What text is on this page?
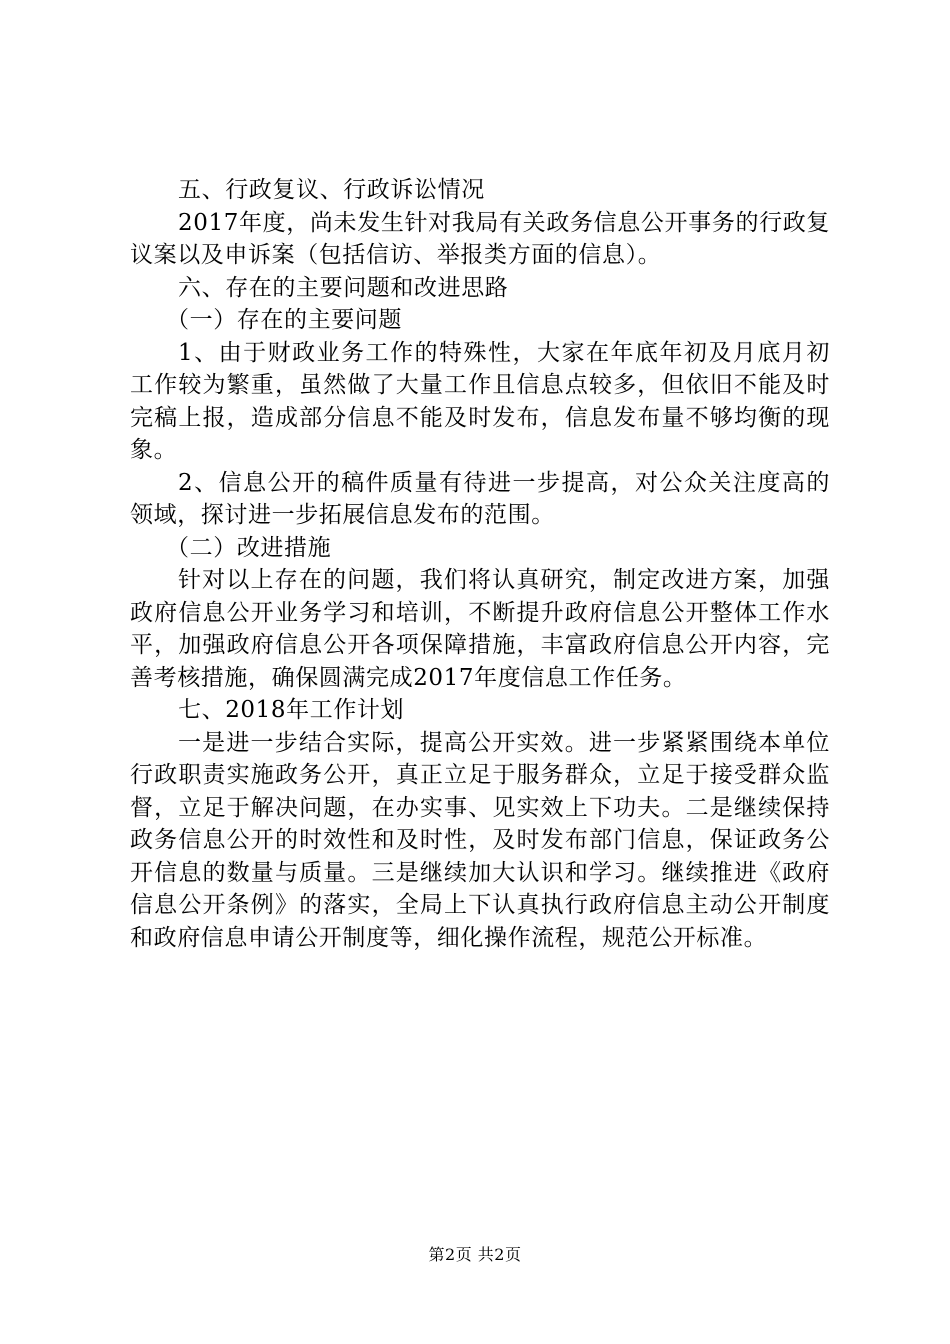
五、行政复议、行政诉讼情况

2017年度，尚未发生针对我局有关政务信息公开事务的行政复议案以及申诉案（包括信访、举报类方面的信息）。

六、存在的主要问题和改进思路

（一）存在的主要问题

1、由于财政业务工作的特殊性，大家在年底年初及月底月初工作较为繁重，虽然做了大量工作且信息点较多，但依旧不能及时完稿上报，造成部分信息不能及时发布，信息发布量不够均衡的现象。

2、信息公开的稿件质量有待进一步提高，对公众关注度高的领域，探讨进一步拓展信息发布的范围。

（二）改进措施

针对以上存在的问题，我们将认真研究，制定改进方案，加强政府信息公开业务学习和培训，不断提升政府信息公开整体工作水平，加强政府信息公开各项保障措施，丰富政府信息公开内容，完善考核措施，确保圆满完成2017年度信息工作任务。

七、2018年工作计划

一是进一步结合实际，提高公开实效。进一步紧紧围绕本单位行政职责实施政务公开，真正立足于服务群众，立足于接受群众监督，立足于解决问题，在办实事、见实效上下功夫。二是继续保持政务信息公开的时效性和及时性，及时发布部门信息，保证政务公开信息的数量与质量。三是继续加大认识和学习。继续推进《政府信息公开条例》的落实，全局上下认真执行政府信息主动公开制度和政府信息申请公开制度等，细化操作流程，规范公开标准。

第2页 共2页
